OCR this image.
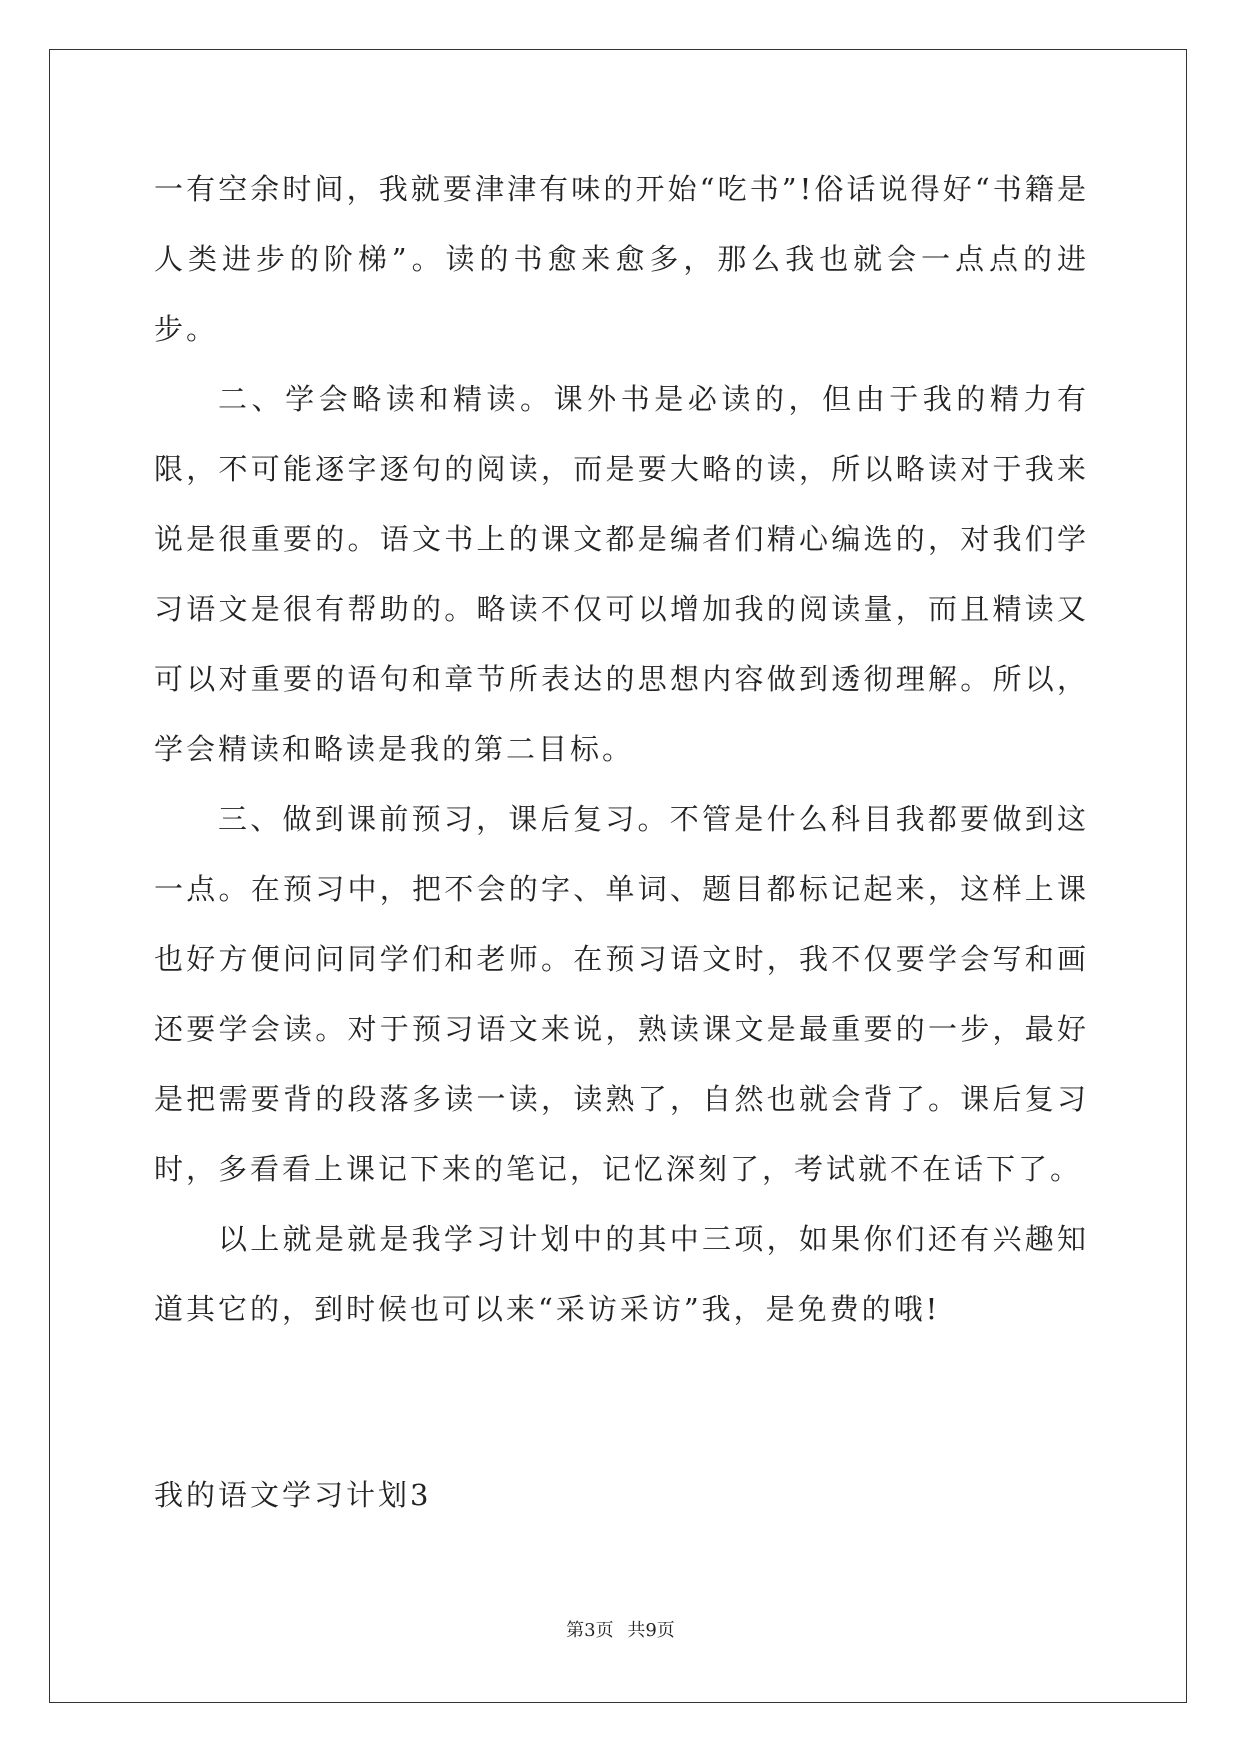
一有空余时间，我就要津津有味的开始“吃书”!俗话说得好“书籍是人类进步的阶梯”。读的书愈来愈多，那么我也就会一点点的进步。

二、学会略读和精读。课外书是必读的，但由于我的精力有限，不可能逐字逐句的阅读，而是要大略的读，所以略读对于我来说是很重要的。语文书上的课文都是编者们精心编选的，对我们学习语文是很有帮助的。略读不仅可以增加我的阅读量，而且精读又可以对重要的语句和章节所表达的思想内容做到透彻理解。所以，学会精读和略读是我的第二目标。

三、做到课前预习，课后复习。不管是什么科目我都要做到这一点。在预习中，把不会的字、单词、题目都标记起来，这样上课也好方便问问同学们和老师。在预习语文时，我不仅要学会写和画还要学会读。对于预习语文来说，熟读课文是最重要的一步，最好是把需要背的段落多读一读，读熟了，自然也就会背了。课后复习时，多看看上课记下来的笔记，记忆深刻了，考试就不在话下了。

以上就是就是我学习计划中的其中三项，如果你们还有兴趣知道其它的，到时候也可以来“采访采访”我，是免费的哦!

我的语文学习计划3
第3页 共9页
